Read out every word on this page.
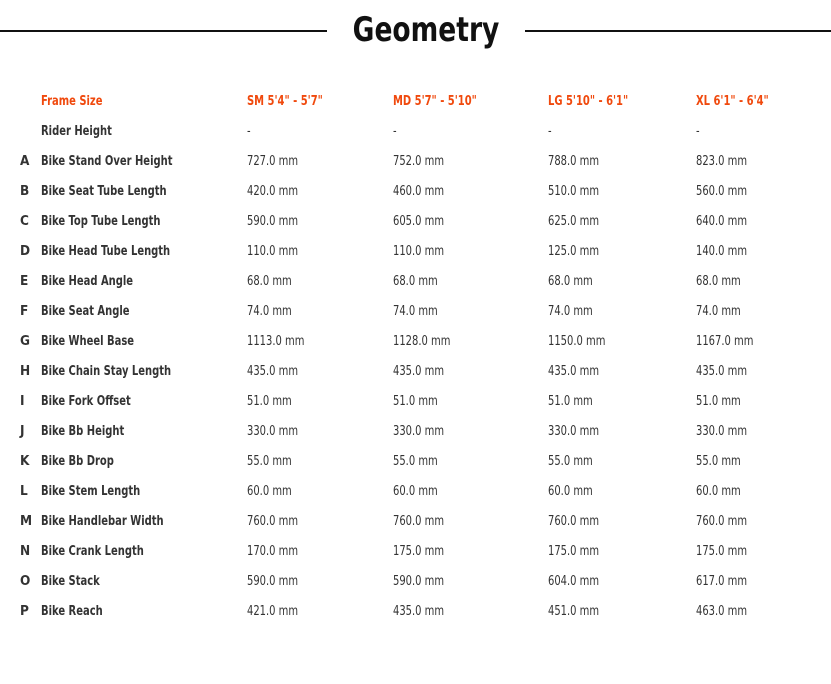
Geometry
	Frame Size	SM 5'4" - 5'7"	MD 5'7" - 5'10"	LG 5'10" - 6'1"	XL 6'1" - 6'4"
	Rider Height	-	-	-	-
A	Bike Stand Over Height	727.0 mm	752.0 mm	788.0 mm	823.0 mm
B	Bike Seat Tube Length	420.0 mm	460.0 mm	510.0 mm	560.0 mm
C	Bike Top Tube Length	590.0 mm	605.0 mm	625.0 mm	640.0 mm
D	Bike Head Tube Length	110.0 mm	110.0 mm	125.0 mm	140.0 mm
E	Bike Head Angle	68.0 mm	68.0 mm	68.0 mm	68.0 mm
F	Bike Seat Angle	74.0 mm	74.0 mm	74.0 mm	74.0 mm
G	Bike Wheel Base	1113.0 mm	1128.0 mm	1150.0 mm	1167.0 mm
H	Bike Chain Stay Length	435.0 mm	435.0 mm	435.0 mm	435.0 mm
I	Bike Fork Offset	51.0 mm	51.0 mm	51.0 mm	51.0 mm
J	Bike Bb Height	330.0 mm	330.0 mm	330.0 mm	330.0 mm
K	Bike Bb Drop	55.0 mm	55.0 mm	55.0 mm	55.0 mm
L	Bike Stem Length	60.0 mm	60.0 mm	60.0 mm	60.0 mm
M	Bike Handlebar Width	760.0 mm	760.0 mm	760.0 mm	760.0 mm
N	Bike Crank Length	170.0 mm	175.0 mm	175.0 mm	175.0 mm
O	Bike Stack	590.0 mm	590.0 mm	604.0 mm	617.0 mm
P	Bike Reach	421.0 mm	435.0 mm	451.0 mm	463.0 mm
